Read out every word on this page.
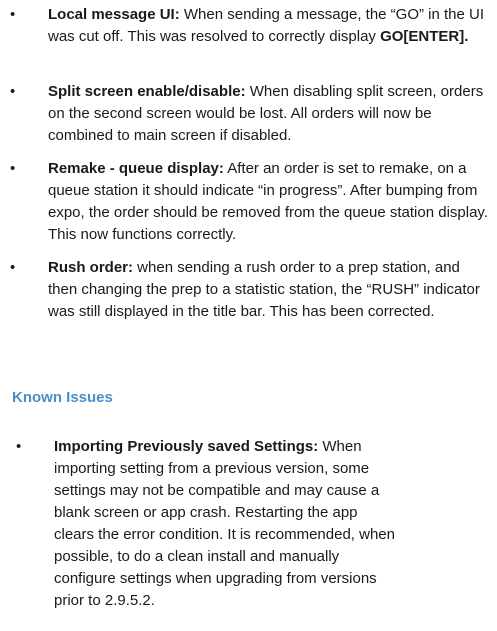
• Local message UI: When sending a message, the “GO” in the UI was cut off. This was resolved to correctly display GO[ENTER].
• Split screen enable/disable: When disabling split screen, orders on the second screen would be lost. All orders will now be combined to main screen if disabled.
• Remake - queue display: After an order is set to remake, on a queue station it should indicate “in progress”. After bumping from expo, the order should be removed from the queue station display. This now functions correctly.
• Rush order: when sending a rush order to a prep station, and then changing the prep to a statistic station, the “RUSH” indicator was still displayed in the title bar. This has been corrected.
Known Issues
• Importing Previously saved Settings: When importing setting from a previous version, some settings may not be compatible and may cause a blank screen or app crash. Restarting the app clears the error condition. It is recommended, when possible, to do a clean install and manually configure settings when upgrading from versions prior to 2.9.5.2.
